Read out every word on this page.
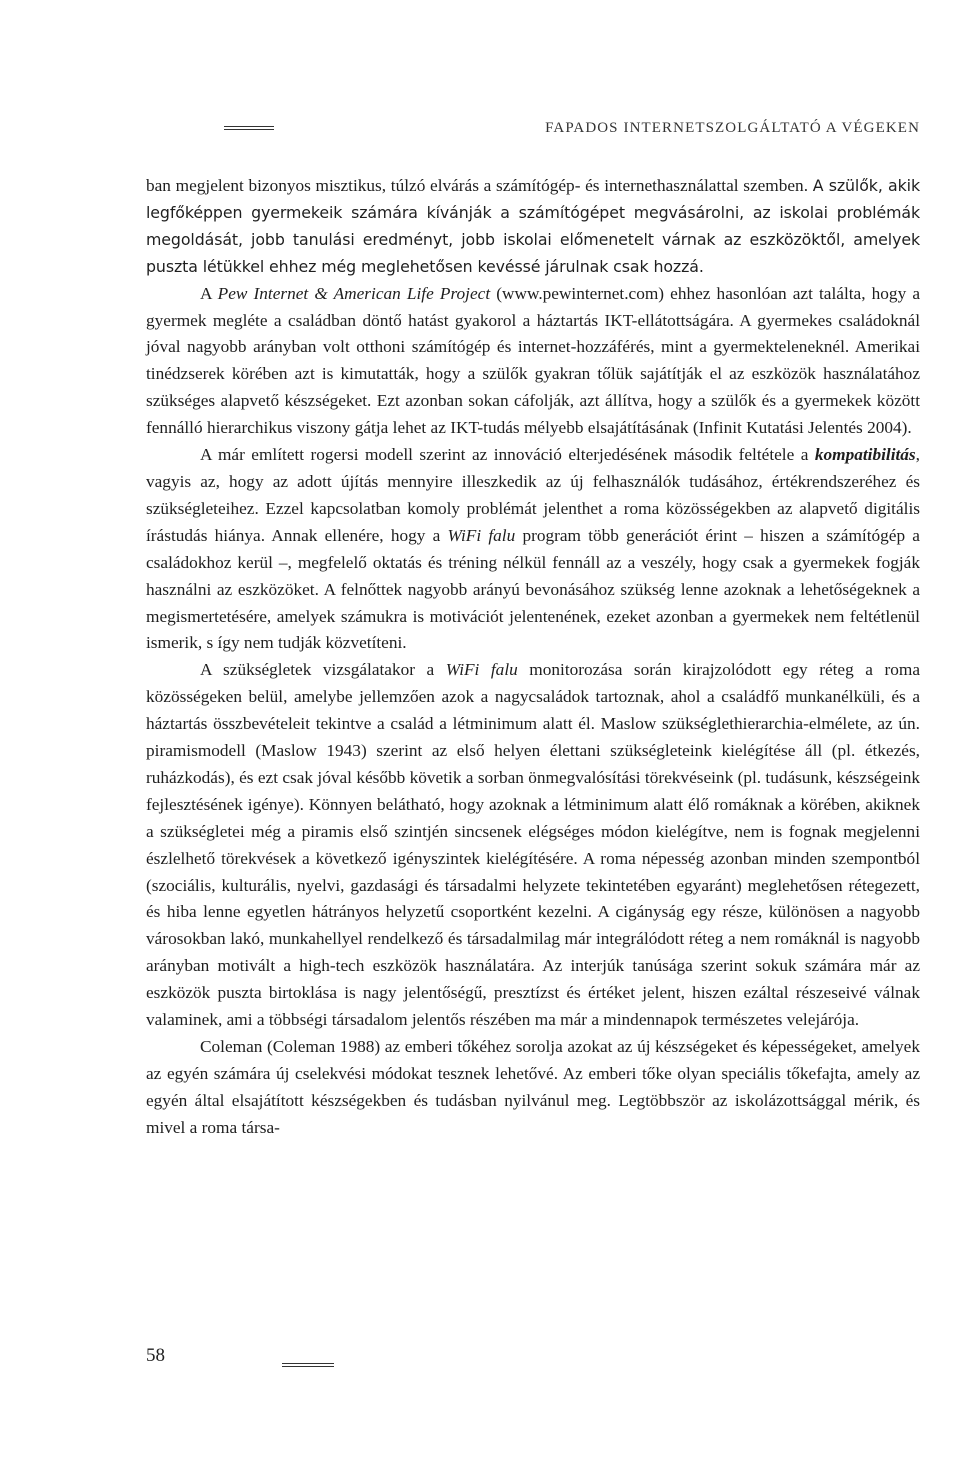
FAPADOS INTERNETSZOLGÁLTATÓ A VÉGEKEN

ban megjelent bizonyos misztikus, túlzó elvárás a számítógép- és internethasználattal szemben. A szülők, akik legfőképpen gyermekeik számára kívánják a számítógépet megvásárolni, az iskolai problémák megoldását, jobb tanulási eredményt, jobb iskolai előmenetelt várnak az eszközöktől, amelyek puszta létükkel ehhez még meglehetősen kevéssé járulnak csak hozzá.

A Pew Internet & American Life Project (www.pewinternet.com) ehhez hasonlóan azt találta, hogy a gyermek megléte a családban döntő hatást gyakorol a háztartás IKT-ellátottságára. A gyermekes családoknál jóval nagyobb arányban volt otthoni számítógép és internet-hozzáférés, mint a gyermekteleneknél. Amerikai tinédzserek körében azt is kimutatták, hogy a szülők gyakran tőlük sajátítják el az eszközök használatához szükséges alapvető készségeket. Ezt azonban sokan cáfolják, azt állítva, hogy a szülők és a gyermekek között fennálló hierarchikus viszony gátja lehet az IKT-tudás mélyebb elsajátításának (Infinit Kutatási Jelentés 2004).

A már említett rogersi modell szerint az innováció elterjedésének második feltétele a kompatibilitás, vagyis az, hogy az adott újítás mennyire illeszkedik az új felhasználók tudásához, értékrendszeréhez és szükségleteihez. Ezzel kapcsolatban komoly problémát jelenthet a roma közösségekben az alapvető digitális írástudás hiánya. Annak ellenére, hogy a WiFi falu program több generációt érint – hiszen a számítógép a családokhoz kerül –, megfelelő oktatás és tréning nélkül fennáll az a veszély, hogy csak a gyermekek fogják használni az eszközöket. A felnőttek nagyobb arányú bevonásához szükség lenne azoknak a lehetőségeknek a megismertetésére, amelyek számukra is motivációt jelentenének, ezeket azonban a gyermekek nem feltétlenül ismerik, s így nem tudják közvetíteni.

A szükségletek vizsgálatakor a WiFi falu monitorozása során kirajzolódott egy réteg a roma közösségeken belül, amelybe jellemzően azok a nagycsaládok tartoznak, ahol a családfő munkanélküli, és a háztartás összbevételeit tekintve a család a létminimum alatt él. Maslow szükséglethierarchia-elmélete, az ún. piramismodell (Maslow 1943) szerint az első helyen élettani szükségleteink kielégítése áll (pl. étkezés, ruházkodás), és ezt csak jóval később követik a sorban önmegvalósítási törekvéseink (pl. tudásunk, készségeink fejlesztésének igénye). Könnyen belátható, hogy azoknak a létminimum alatt élő romáknak a körében, akiknek a szükségletei még a piramis első szintjén sincsenek elégséges módon kielégítve, nem is fognak megjelenni észlelhető törekvések a következő igényszintek kielégítésére. A roma népesség azonban minden szempontból (szociális, kulturális, nyelvi, gazdasági és társadalmi helyzete tekintetében egyaránt) meglehetősen rétegezett, és hiba lenne egyetlen hátrányos helyzetű csoportként kezelni. A cigányság egy része, különösen a nagyobb városokban lakó, munkahellyel rendelkező és társadalmilag már integrálódott réteg a nem romáknál is nagyobb arányban motivált a high-tech eszközök használatára. Az interjúk tanúsága szerint sokuk számára már az eszközök puszta birtoklása is nagy jelentőségű, presztízst és értéket jelent, hiszen ezáltal részeseivé válnak valaminek, ami a többségi társadalom jelentős részében ma már a mindennapok természetes velejárója.

Coleman (Coleman 1988) az emberi tőkéhez sorolja azokat az új készségeket és képességeket, amelyek az egyén számára új cselekvési módokat tesznek lehetővé. Az emberi tőke olyan speciális tőkefajta, amely az egyén által elsajátított készségekben és tudásban nyilvánul meg. Legtöbbször az iskolázottsággal mérik, és mivel a roma társa-

58
